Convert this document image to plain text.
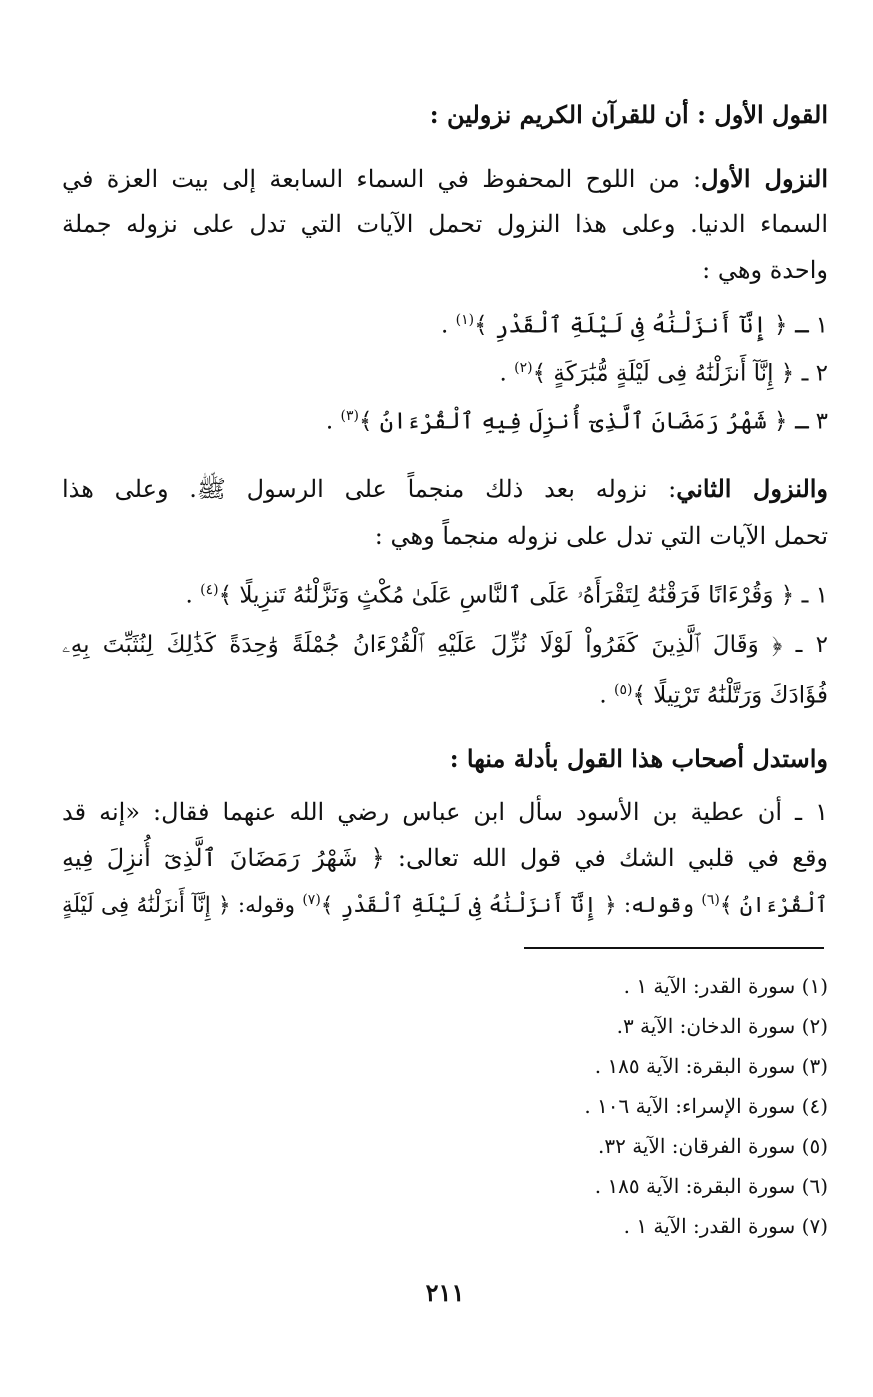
القول الأول : أن للقرآن الكريم نزولين :
النزول الأول: من اللوح المحفوظ في السماء السابعة إلى بيت العزة في
السماء الدنيا. وعلى هذا النزول تحمل الآيات التي تدل على نزوله جملة
واحدة وهي :
١ ـ ﴿ إِنَّآ أَنزَلْنَٰهُ فِى لَيْلَةِ ٱلْقَدْرِ ﴾$^{(١)}$ .
٢ ـ ﴿ إِنَّآ أَنزَلْنَٰهُ فِى لَيْلَةٍ مُّبَٰرَكَةٍ ﴾$^{(٢)}$ .
٣ ـ ﴿ شَهْرُ رَمَضَانَ ٱلَّذِىٓ أُنزِلَ فِيهِ ٱلْقُرْءَانُ ﴾$^{(٣)}$ .
والنزول الثاني: نزوله بعد ذلك منجماً على الرسول ﷺ. وعلى هذا
تحمل الآيات التي تدل على نزوله منجماً وهي :
١ ـ ﴿ وَقُرْءَانًا فَرَقْنَٰهُ لِتَقْرَأَهُۥ عَلَى ٱلنَّاسِ عَلَىٰ مُكْثٍ وَنَزَّلْنَٰهُ تَنزِيلًا ﴾$^{(٤)}$ .
٢ ـ ﴿ وَقَالَ ٱلَّذِينَ كَفَرُواْ لَوْلَا نُزِّلَ عَلَيْهِ ٱلْقُرْءَانُ جُمْلَةً وَٰحِدَةً كَذَٰلِكَ لِنُثَبِّتَ بِهِۦ
فُؤَادَكَ وَرَتَّلْنَٰهُ تَرْتِيلًا ﴾$^{(٥)}$ .
واستدل أصحاب هذا القول بأدلة منها :
١ ـ أن عطية بن الأسود سأل ابن عباس رضي الله عنهما فقال: «إنه قد
وقع في قلبي الشك في قول الله تعالى: ﴿ شَهْرُ رَمَضَانَ ٱلَّذِىٓ أُنزِلَ فِيهِ
ٱلْقُرْءَانُ ﴾$^{(٦)}$ وقوله: ﴿ إِنَّآ أَنزَلْنَٰهُ فِى لَيْلَةِ ٱلْقَدْرِ ﴾$^{(٧)}$ وقوله: ﴿ إِنَّآ أَنزَلْنَٰهُ فِى لَيْلَةٍ
(١) سورة القدر: الآية ١ .
(٢) سورة الدخان: الآية ٣.
(٣) سورة البقرة: الآية ١٨٥ .
(٤) سورة الإسراء: الآية ١٠٦ .
(٥) سورة الفرقان: الآية ٣٢.
(٦) سورة البقرة: الآية ١٨٥ .
(٧) سورة القدر: الآية ١ .
٢١١
